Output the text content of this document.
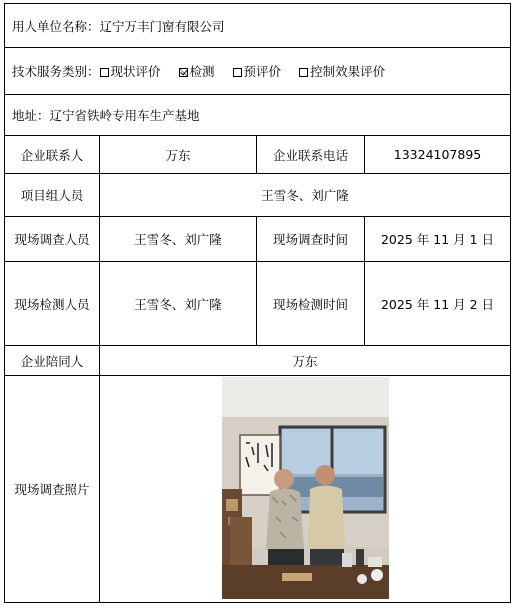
用人单位名称：辽宁万丰门窗有限公司			
技术服务类别： 现状评价 检测 预评价 控制效果评价			
地址：辽宁省铁岭专用车生产基地			
企业联系人	万东	企业联系电话	13324107895
项目组人员	王雪冬、刘广隆		
现场调查人员	王雪冬、刘广隆	现场调查时间	2025 年 11 月 1 日
现场检测人员	王雪冬、刘广隆	现场检测时间	2025 年 11 月 2 日
企业陪同人	万东		
现场调查照片	
